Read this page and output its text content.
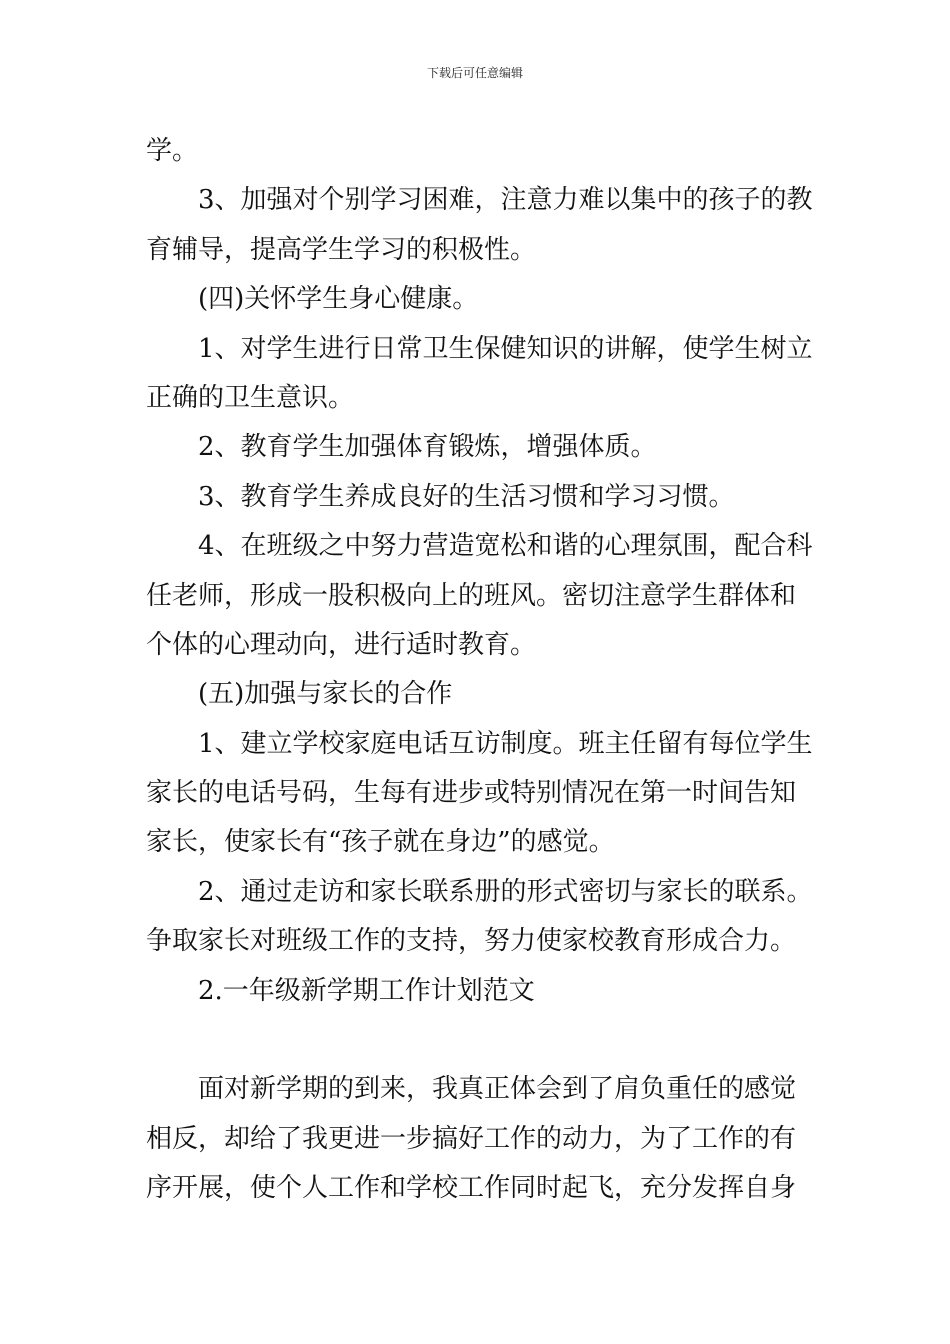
下载后可任意编辑
学。
3、加强对个别学习困难，注意力难以集中的孩子的教
育辅导，提高学生学习的积极性。
(四)关怀学生身心健康。
1、对学生进行日常卫生保健知识的讲解，使学生树立
正确的卫生意识。
2、教育学生加强体育锻炼，增强体质。
3、教育学生养成良好的生活习惯和学习习惯。
4、在班级之中努力营造宽松和谐的心理氛围，配合科
任老师，形成一股积极向上的班风。密切注意学生群体和
个体的心理动向，进行适时教育。
(五)加强与家长的合作
1、建立学校家庭电话互访制度。班主任留有每位学生
家长的电话号码，生每有进步或特别情况在第一时间告知
家长，使家长有“孩子就在身边”的感觉。
2、通过走访和家长联系册的形式密切与家长的联系。
争取家长对班级工作的支持，努力使家校教育形成合力。
2.一年级新学期工作计划范文
面对新学期的到来，我真正体会到了肩负重任的感觉
相反，却给了我更进一步搞好工作的动力，为了工作的有
序开展，使个人工作和学校工作同时起飞，充分发挥自身
